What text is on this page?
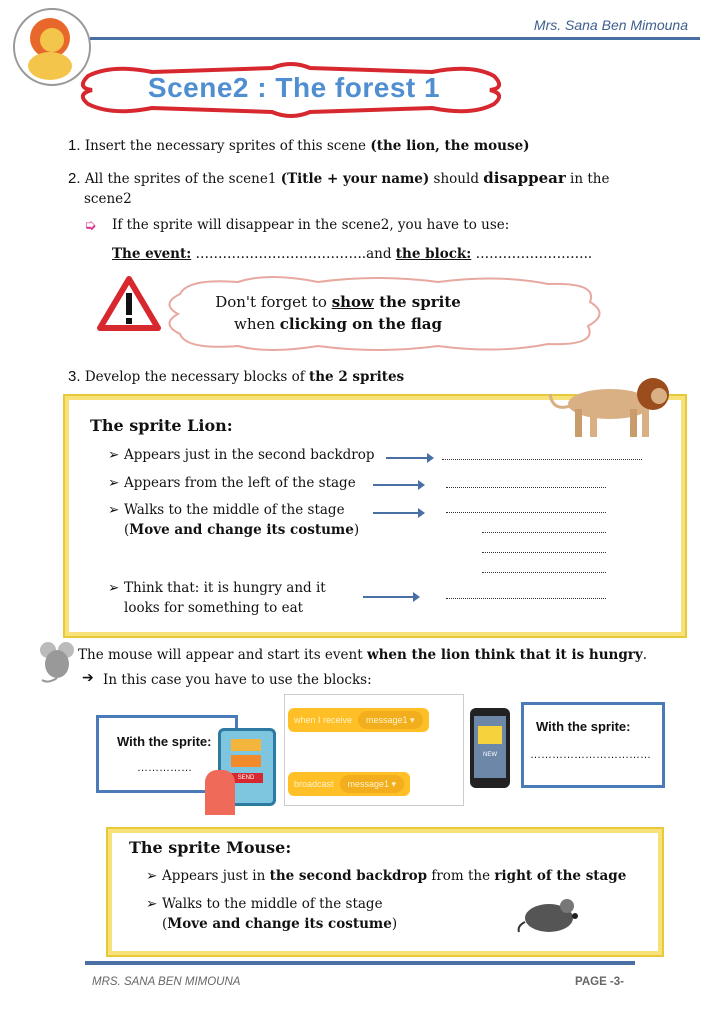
Mrs. Sana Ben Mimouna
Scene2 : The forest 1
1. Insert the necessary sprites of this scene (the lion, the mouse)
2. All the sprites of the scene1 (Title + your name) should disappear in the
scene2
➭ If the sprite will disappear in the scene2, you have to use:
The event: ………………………………..and the block: ……………………..
Don't forget to show the sprite
when clicking on the flag
3. Develop the necessary blocks of the 2 sprites
The sprite Lion:
➢ Appears just in the second backdrop
➢ Appears from the left of the stage
➢ Walks to the middle of the stage
(Move and change its costume)
➢ Think that: it is hungry and it
looks for something to eat
The mouse will appear and start its event when the lion think that it is hungry.
➔ In this case you have to use the blocks:
With the sprite:
……………
SEND
when I receive message1 ▾
broadcast message1 ▾
NEW
With the sprite:
……………………………
The sprite Mouse:
➢ Appears just in the second backdrop from the right of the stage
➢ Walks to the middle of the stage
(Move and change its costume)
MRS. SANA BEN MIMOUNA	PAGE -3-
